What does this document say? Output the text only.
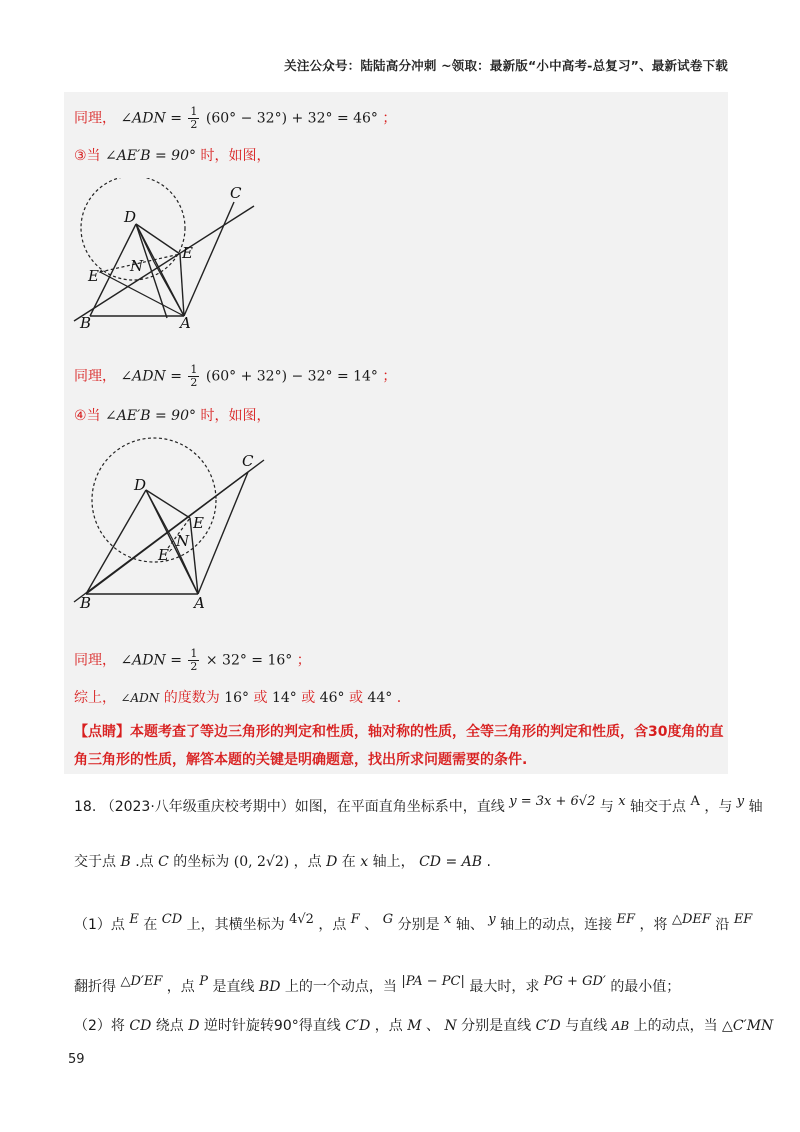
关注公众号：陆陆高分冲刺 ~领取：最新版“小中高考-总复习”、最新试卷下载
同理， ∠ADN = $\frac{1}{2} (60^\circ - 32^\circ) + 32^\circ = 46^\circ$ ；
③当 ∠AE′B = 90° 时，如图，
D
C
E
N
E′
B	A
同理， ∠ADN = $\frac{1}{2} (60^\circ + 32^\circ) - 32^\circ = 14^\circ$ ；
④当 ∠AE′B = 90° 时，如图，
D
C
E
N
E′
B	A
同理， ∠ADN = $\frac{1}{2} \times 32^\circ = 16^\circ$ ；
综上， ∠ADN 的度数为 16° 或 14° 或 46° 或 44° .
【点睛】本题考查了等边三角形的判定和性质，轴对称的性质，全等三角形的判定和性质，含30度角的直角三角形的性质，解答本题的关键是明确题意，找出所求问题需要的条件.
18. （2023·八年级重庆校考期中）如图，在平面直角坐标系中，直线 y = 3x + 6√2 与 x 轴交于点 A ，与 y 轴
交于点 B .点 C 的坐标为 (0, 2√2) ，点 D 在 x 轴上， CD = AB .
（1）点 E 在 CD 上，其横坐标为 4√2 ，点 F 、 G 分别是 x 轴、 y 轴上的动点，连接 EF ，将 △DEF 沿 EF
翻折得 △D′EF ，点 P 是直线 BD 上的一个动点，当 |PA − PC| 最大时，求 PG + GD′ 的最小值；
（2）将 CD 绕点 D 逆时针旋转90°得直线 C′D ，点 M 、 N 分别是直线 C′D 与直线 AB 上的动点，当 △C′MN
59
